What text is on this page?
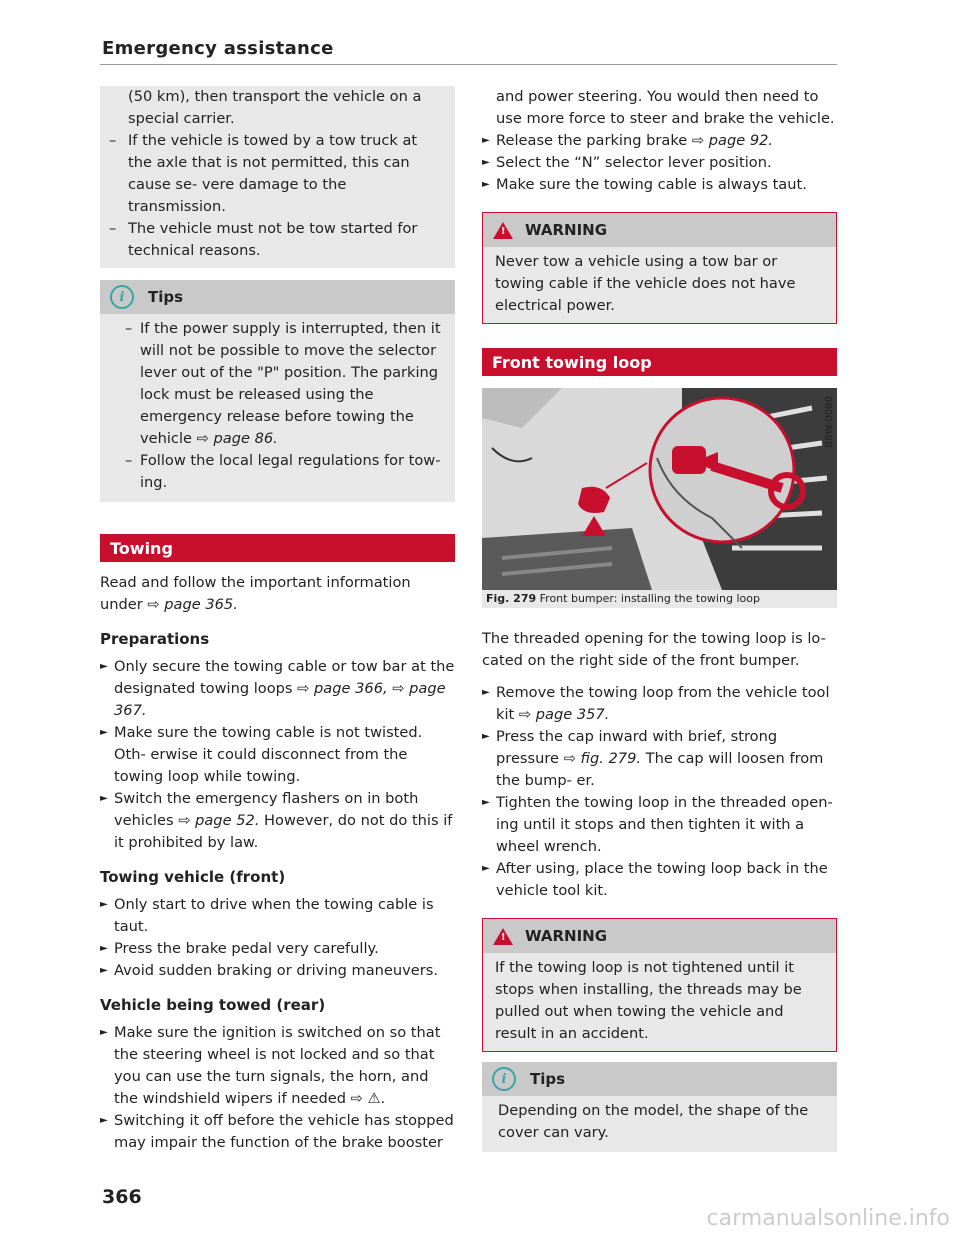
Emergency assistance

(50 km), then transport the vehicle on a special carrier.

– If the vehicle is towed by a tow truck at the axle that is not permitted, this can cause se- vere damage to the transmission.
– The vehicle must not be tow started for technical reasons.
i	Tips
– If the power supply is interrupted, then it will not be possible to move the selector lever out of the "P" position. The parking lock must be released using the emergency release before towing the vehicle ⇨ page 86.
– Follow the local legal regulations for tow- ing.
Towing

Read and follow the important information under ⇨ page 365.

Preparations
► Only secure the towing cable or tow bar at the designated towing loops ⇨ page 366, ⇨ page 367.
► Make sure the towing cable is not twisted. Oth- erwise it could disconnect from the towing loop while towing.
► Switch the emergency flashers on in both vehicles ⇨ page 52. However, do not do this if it prohibited by law.
Towing vehicle (front)
► Only start to drive when the towing cable is taut.
► Press the brake pedal very carefully.
► Avoid sudden braking or driving maneuvers.
Vehicle being towed (rear)
► Make sure the ignition is switched on so that the steering wheel is not locked and so that you can use the turn signals, the horn, and the windshield wipers if needed ⇨ ⚠.
► Switching it off before the vehicle has stopped may impair the function of the brake booster

and power steering. You would then need to use more force to steer and brake the vehicle.

► Release the parking brake ⇨ page 92.
► Select the “N” selector lever position.
► Make sure the towing cable is always taut.
!
WARNING

Never tow a vehicle using a tow bar or towing cable if the vehicle does not have electrical power.

Front towing loop
B8W-0080
Fig. 279 Front bumper: installing the towing loop

The threaded opening for the towing loop is lo- cated on the right side of the front bumper.

► Remove the towing loop from the vehicle tool kit ⇨ page 357.
► Press the cap inward with brief, strong pressure ⇨ fig. 279. The cap will loosen from the bump- er.
► Tighten the towing loop in the threaded open- ing until it stops and then tighten it with a wheel wrench.
► After using, place the towing loop back in the vehicle tool kit.
!
WARNING

If the towing loop is not tightened until it stops when installing, the threads may be pulled out when towing the vehicle and result in an accident.

i	Tips

Depending on the model, the shape of the cover can vary.

366
carmanualsonline.info
